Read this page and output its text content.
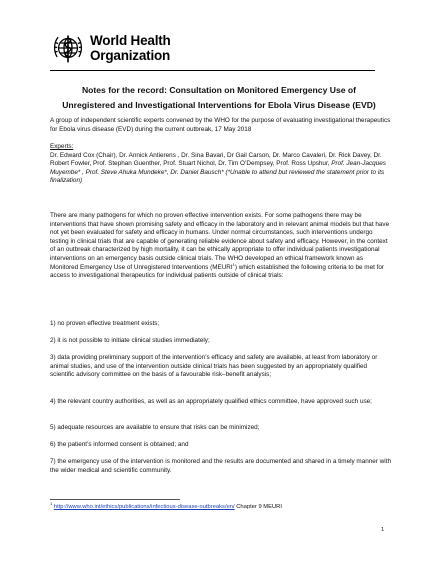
World Health
Organization
Notes for the record: Consultation on Monitored Emergency Use of
Unregistered and Investigational Interventions for Ebola Virus Disease (EVD)

A group of independent scientific experts convened by the WHO for the purpose of evaluating investigational therapeutics for Ebola virus disease (EVD) during the current outbreak, 17 May 2018

Experts:
Dr. Edward Cox (Chair), Dr. Annick Antierens , Dr. Sina Bavari, Dr Gail Carson, Dr. Marco Cavaleri, Dr. Rick Davey, Dr. Robert Fowler, Prof. Stephan Guenther, Prof. Stuart Nichol, Dr. Tim O’Dempsey, Prof. Ross Upshur, Prof. Jean-Jacques Muyembe* , Prof. Steve Ahuka Mundeke*, Dr. Daniel Bausch* (*Unable to attend but reviewed the statement prior to its finalization)

There are many pathogens for which no proven effective intervention exists. For some pathogens there may be interventions that have shown promising safety and efficacy in the laboratory and in relevant animal models but that have not yet been evaluated for safety and efficacy in humans. Under normal circumstances, such interventions undergo testing in clinical trials that are capable of generating reliable evidence about safety and efficacy. However, in the context of an outbreak characterized by high mortality, it can be ethically appropriate to offer individual patients investigational interventions on an emergency basis outside clinical trials. The WHO developed an ethical framework known as Monitored Emergency Use of Unregistered Interventions (MEURI$^1$) which established the following criteria to be met for access to investigational therapeutics for individual patients outside of clinical trials:

1) no proven effective treatment exists;

2) it is not possible to initiate clinical studies immediately;

3) data providing preliminary support of the intervention’s efficacy and safety are available, at least from laboratory or animal studies, and use of the intervention outside clinical trials has been suggested by an appropriately qualified scientific advisory committee on the basis of a favourable risk–benefit analysis;

4) the relevant country authorities, as well as an appropriately qualified ethics committee, have approved such use;

5) adequate resources are available to ensure that risks can be minimized;

6) the patient’s informed consent is obtained; and

7) the emergency use of the intervention is monitored and the results are documented and shared in a timely manner with the wider medical and scientific community.

$^1$ http://www.who.int/ethics/publications/infectious-disease-outbreaks/en/ Chapter 9 MEURI
1
